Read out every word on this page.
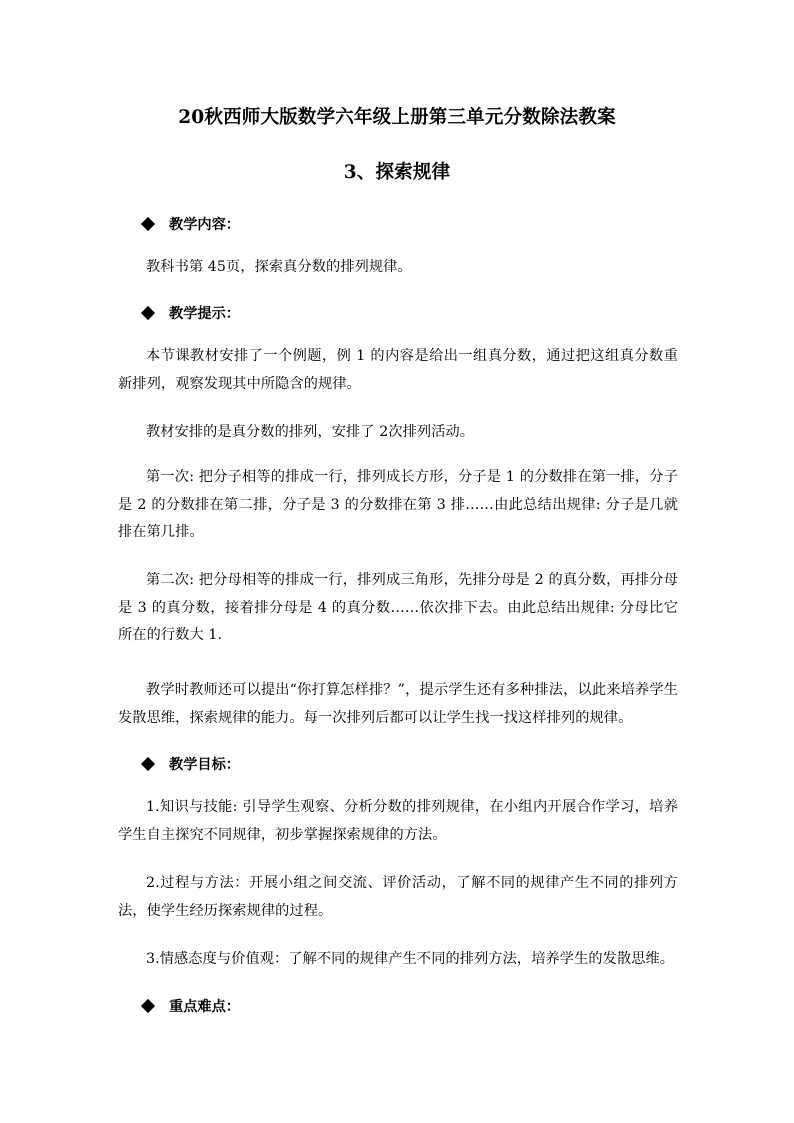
20秋西师大版数学六年级上册第三单元分数除法教案
3、探索规律
教学内容：
教科书第 45页，探索真分数的排列规律。
教学提示：
本节课教材安排了一个例题，例 1 的内容是给出一组真分数，通过把这组真分数重新排列，观察发现其中所隐含的规律。
教材安排的是真分数的排列，安排了 2次排列活动。
第一次: 把分子相等的排成一行，排列成长方形，分子是 1 的分数排在第一排，分子是 2 的分数排在第二排，分子是 3 的分数排在第 3 排……由此总结出规律: 分子是几就排在第几排。
第二次: 把分母相等的排成一行，排列成三角形，先排分母是 2 的真分数，再排分母是 3 的真分数，接着排分母是 4 的真分数……依次排下去。由此总结出规律: 分母比它所在的行数大 1.
教学时教师还可以提出“你打算怎样排？”，提示学生还有多种排法，以此来培养学生发散思维，探索规律的能力。每一次排列后都可以让学生找一找这样排列的规律。
教学目标：
1.知识与技能: 引导学生观察、分析分数的排列规律，在小组内开展合作学习，培养学生自主探究不同规律，初步掌握探索规律的方法。
2.过程与方法：开展小组之间交流、评价活动，了解不同的规律产生不同的排列方法，使学生经历探索规律的过程。
3.情感态度与价值观：了解不同的规律产生不同的排列方法，培养学生的发散思维。
重点难点：
